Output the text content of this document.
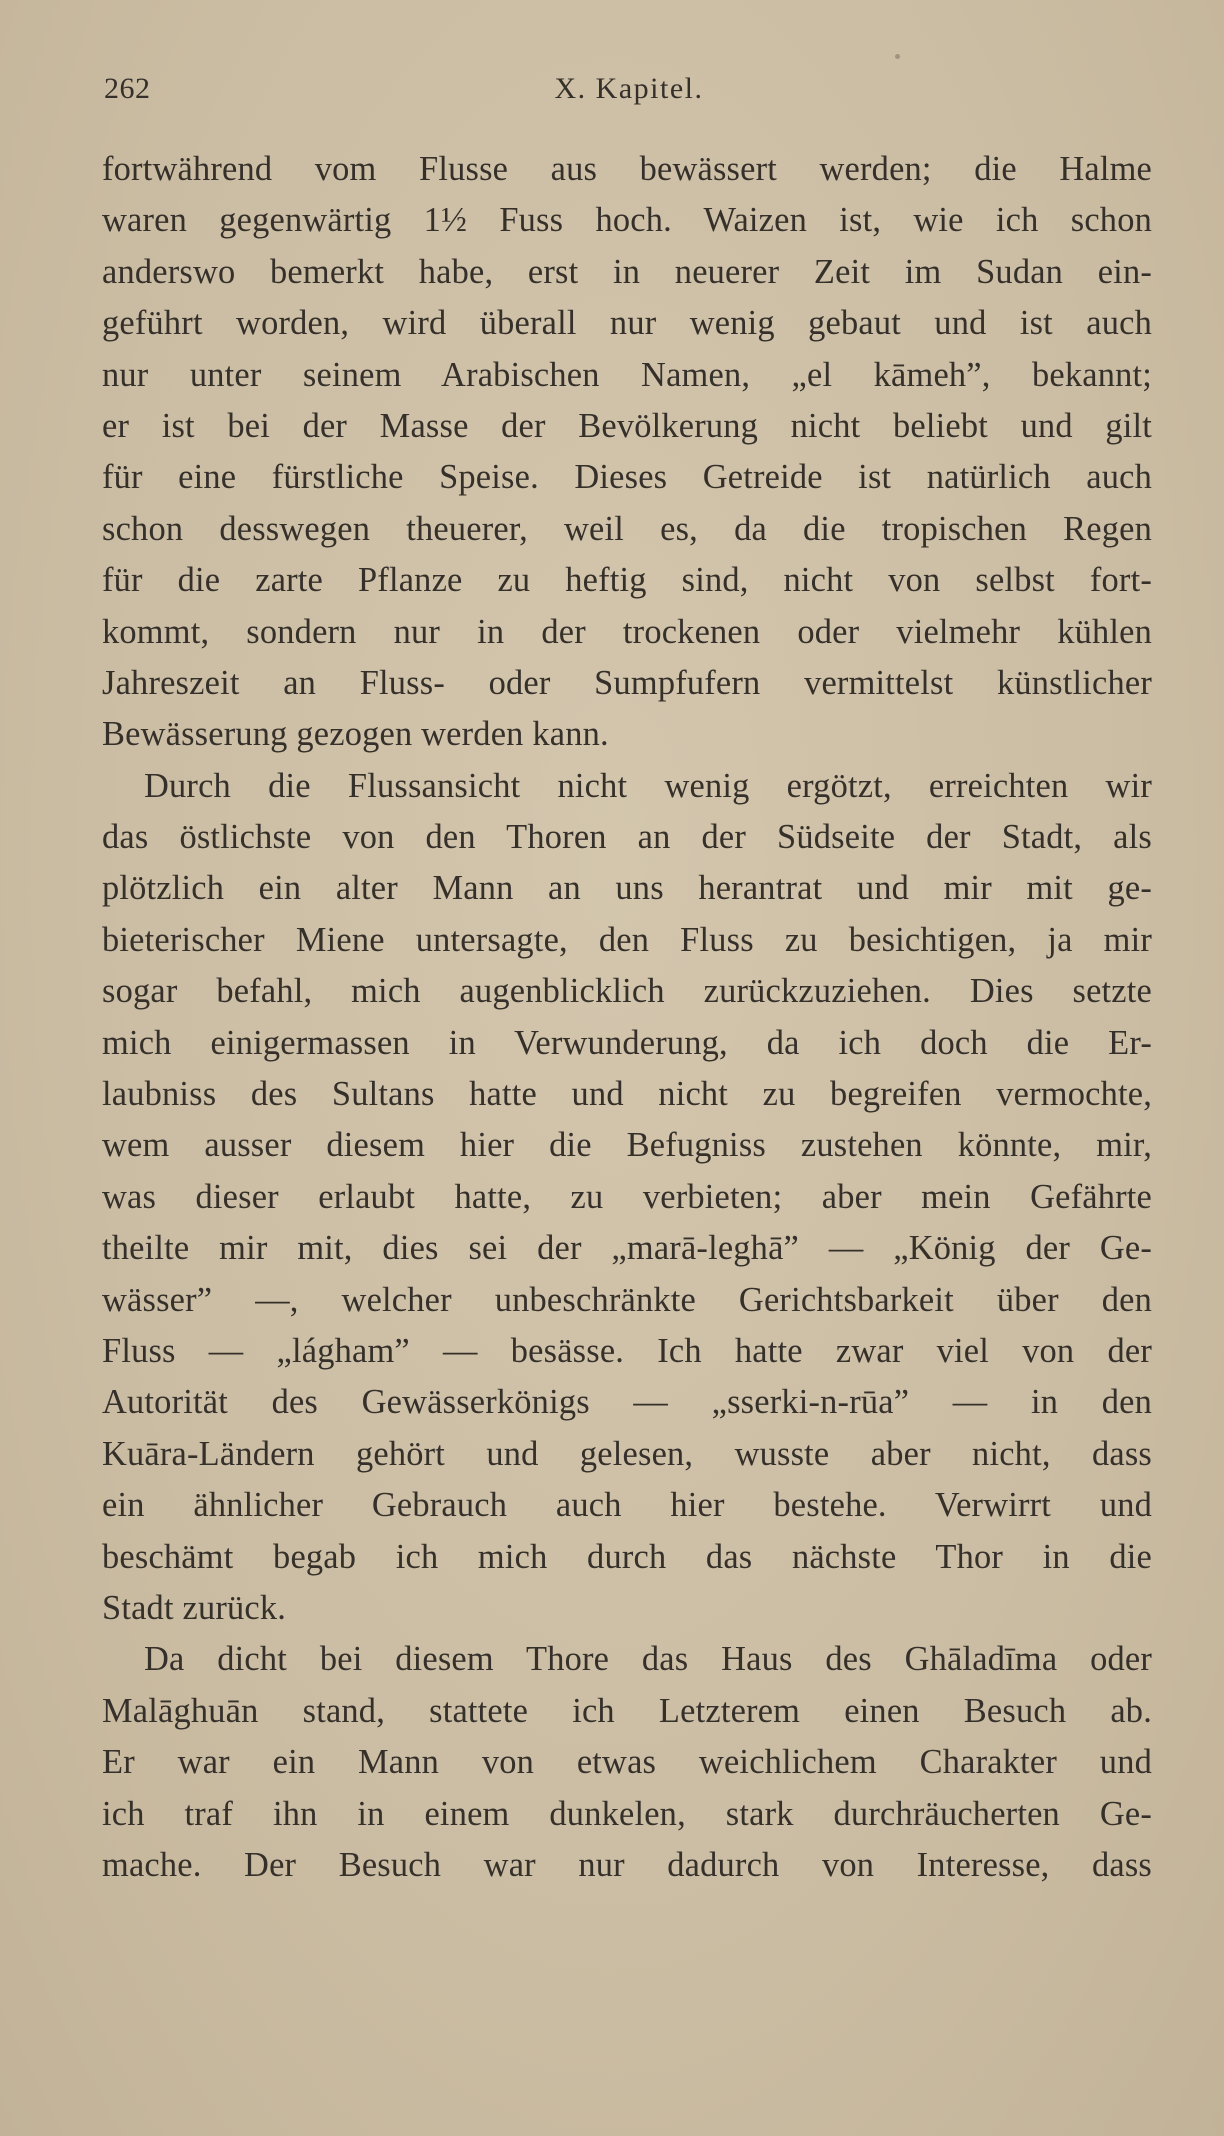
262	X. Kapitel.
fortwährend vom Flusse aus bewässert werden; die Halme
waren gegenwärtig 1½ Fuss hoch. Waizen ist, wie ich schon
anderswo bemerkt habe, erst in neuerer Zeit im Sudan ein-
geführt worden, wird überall nur wenig gebaut und ist auch
nur unter seinem Arabischen Namen, „el kāmeh”, bekannt;
er ist bei der Masse der Bevölkerung nicht beliebt und gilt
für eine fürstliche Speise. Dieses Getreide ist natürlich auch
schon desswegen theuerer, weil es, da die tropischen Regen
für die zarte Pflanze zu heftig sind, nicht von selbst fort-
kommt, sondern nur in der trockenen oder vielmehr kühlen
Jahreszeit an Fluss- oder Sumpfufern vermittelst künstlicher
Bewässerung gezogen werden kann.
Durch die Flussansicht nicht wenig ergötzt, erreichten wir
das östlichste von den Thoren an der Südseite der Stadt, als
plötzlich ein alter Mann an uns herantrat und mir mit ge-
bieterischer Miene untersagte, den Fluss zu besichtigen, ja mir
sogar befahl, mich augenblicklich zurückzuziehen. Dies setzte
mich einigermassen in Verwunderung, da ich doch die Er-
laubniss des Sultans hatte und nicht zu begreifen vermochte,
wem ausser diesem hier die Befugniss zustehen könnte, mir,
was dieser erlaubt hatte, zu verbieten; aber mein Gefährte
theilte mir mit, dies sei der „marā-leghā” — „König der Ge-
wässer” —, welcher unbeschränkte Gerichtsbarkeit über den
Fluss — „lágham” — besässe. Ich hatte zwar viel von der
Autorität des Gewässerkönigs — „sserki-n-rūa” — in den
Kuāra-Ländern gehört und gelesen, wusste aber nicht, dass
ein ähnlicher Gebrauch auch hier bestehe. Verwirrt und
beschämt begab ich mich durch das nächste Thor in die
Stadt zurück.
Da dicht bei diesem Thore das Haus des Ghāladīma oder
Malāghuān stand, stattete ich Letzterem einen Besuch ab.
Er war ein Mann von etwas weichlichem Charakter und
ich traf ihn in einem dunkelen, stark durchräucherten Ge-
mache. Der Besuch war nur dadurch von Interesse, dass
